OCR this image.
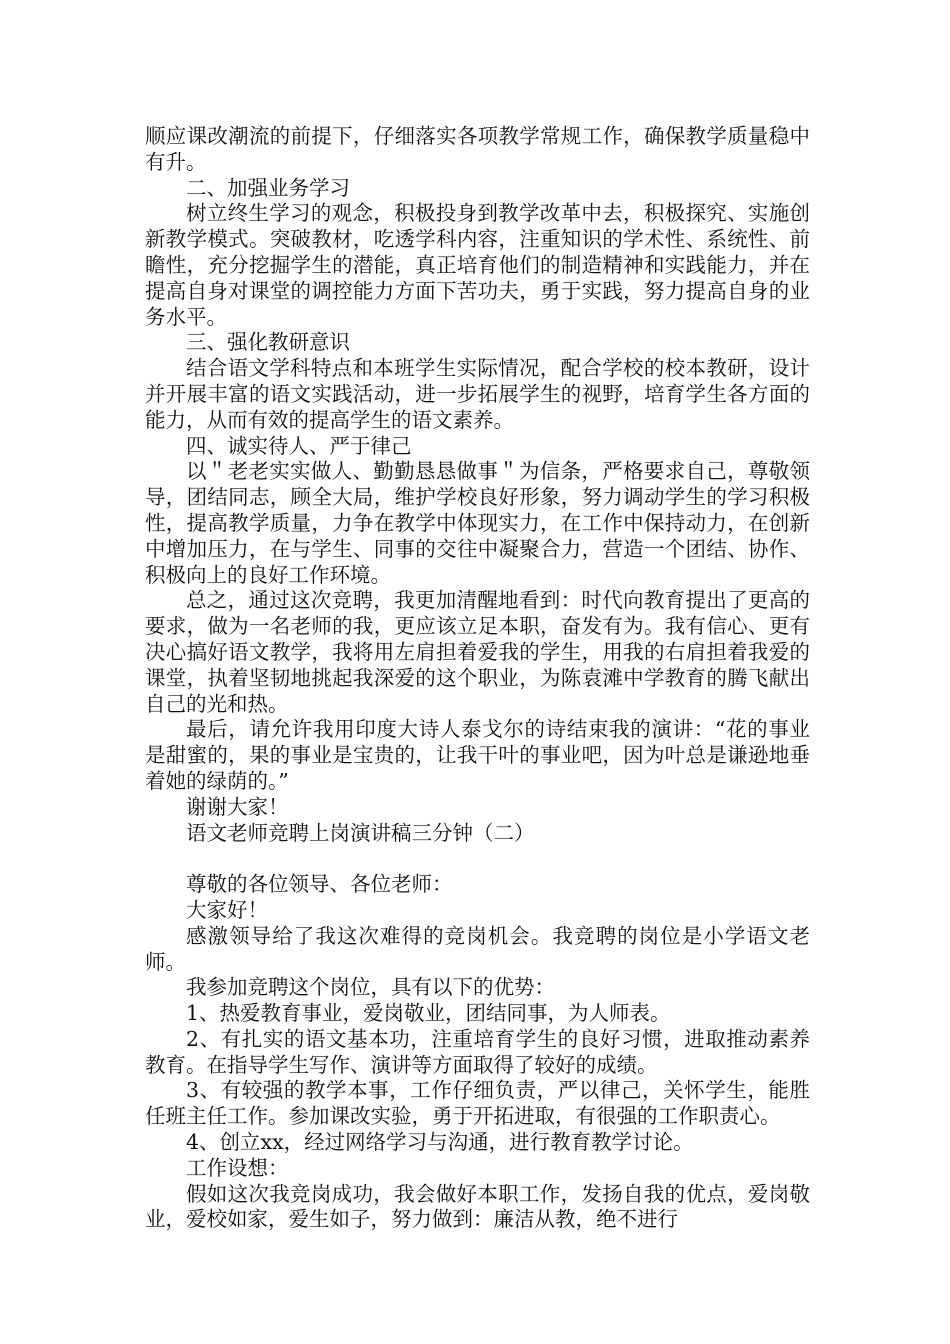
顺应课改潮流的前提下，仔细落实各项教学常规工作，确保教学质量稳中有升。

二、加强业务学习

树立终生学习的观念，积极投身到教学改革中去，积极探究、实施创新教学模式。突破教材，吃透学科内容，注重知识的学术性、系统性、前瞻性，充分挖掘学生的潜能，真正培育他们的制造精神和实践能力，并在提高自身对课堂的调控能力方面下苦功夫，勇于实践，努力提高自身的业务水平。

三、强化教研意识

结合语文学科特点和本班学生实际情况，配合学校的校本教研，设计并开展丰富的语文实践活动，进一步拓展学生的视野，培育学生各方面的能力，从而有效的提高学生的语文素养。

四、诚实待人、严于律己

以＂老老实实做人、勤勤恳恳做事＂为信条，严格要求自己，尊敬领导，团结同志，顾全大局，维护学校良好形象，努力调动学生的学习积极性，提高教学质量，力争在教学中体现实力，在工作中保持动力，在创新中增加压力，在与学生、同事的交往中凝聚合力，营造一个团结、协作、积极向上的良好工作环境。

总之，通过这次竞聘，我更加清醒地看到：时代向教育提出了更高的要求，做为一名老师的我，更应该立足本职，奋发有为。我有信心、更有决心搞好语文教学，我将用左肩担着爱我的学生，用我的右肩担着我爱的课堂，执着坚韧地挑起我深爱的这个职业，为陈袁滩中学教育的腾飞献出自己的光和热。

最后，请允许我用印度大诗人泰戈尔的诗结束我的演讲：“花的事业是甜蜜的，果的事业是宝贵的，让我干叶的事业吧，因为叶总是谦逊地垂着她的绿荫的。”

谢谢大家！

语文老师竞聘上岗演讲稿三分钟（二）

尊敬的各位领导、各位老师：

大家好！

感激领导给了我这次难得的竞岗机会。我竞聘的岗位是小学语文老师。

我参加竞聘这个岗位，具有以下的优势：

1、热爱教育事业，爱岗敬业，团结同事，为人师表。

2、有扎实的语文基本功，注重培育学生的良好习惯，进取推动素养教育。在指导学生写作、演讲等方面取得了较好的成绩。

3、有较强的教学本事，工作仔细负责，严以律己，关怀学生，能胜任班主任工作。参加课改实验，勇于开拓进取，有很强的工作职责心。

4、创立xx，经过网络学习与沟通，进行教育教学讨论。

工作设想：

假如这次我竞岗成功，我会做好本职工作，发扬自我的优点，爱岗敬业，爱校如家，爱生如子，努力做到：廉洁从教，绝不进行
